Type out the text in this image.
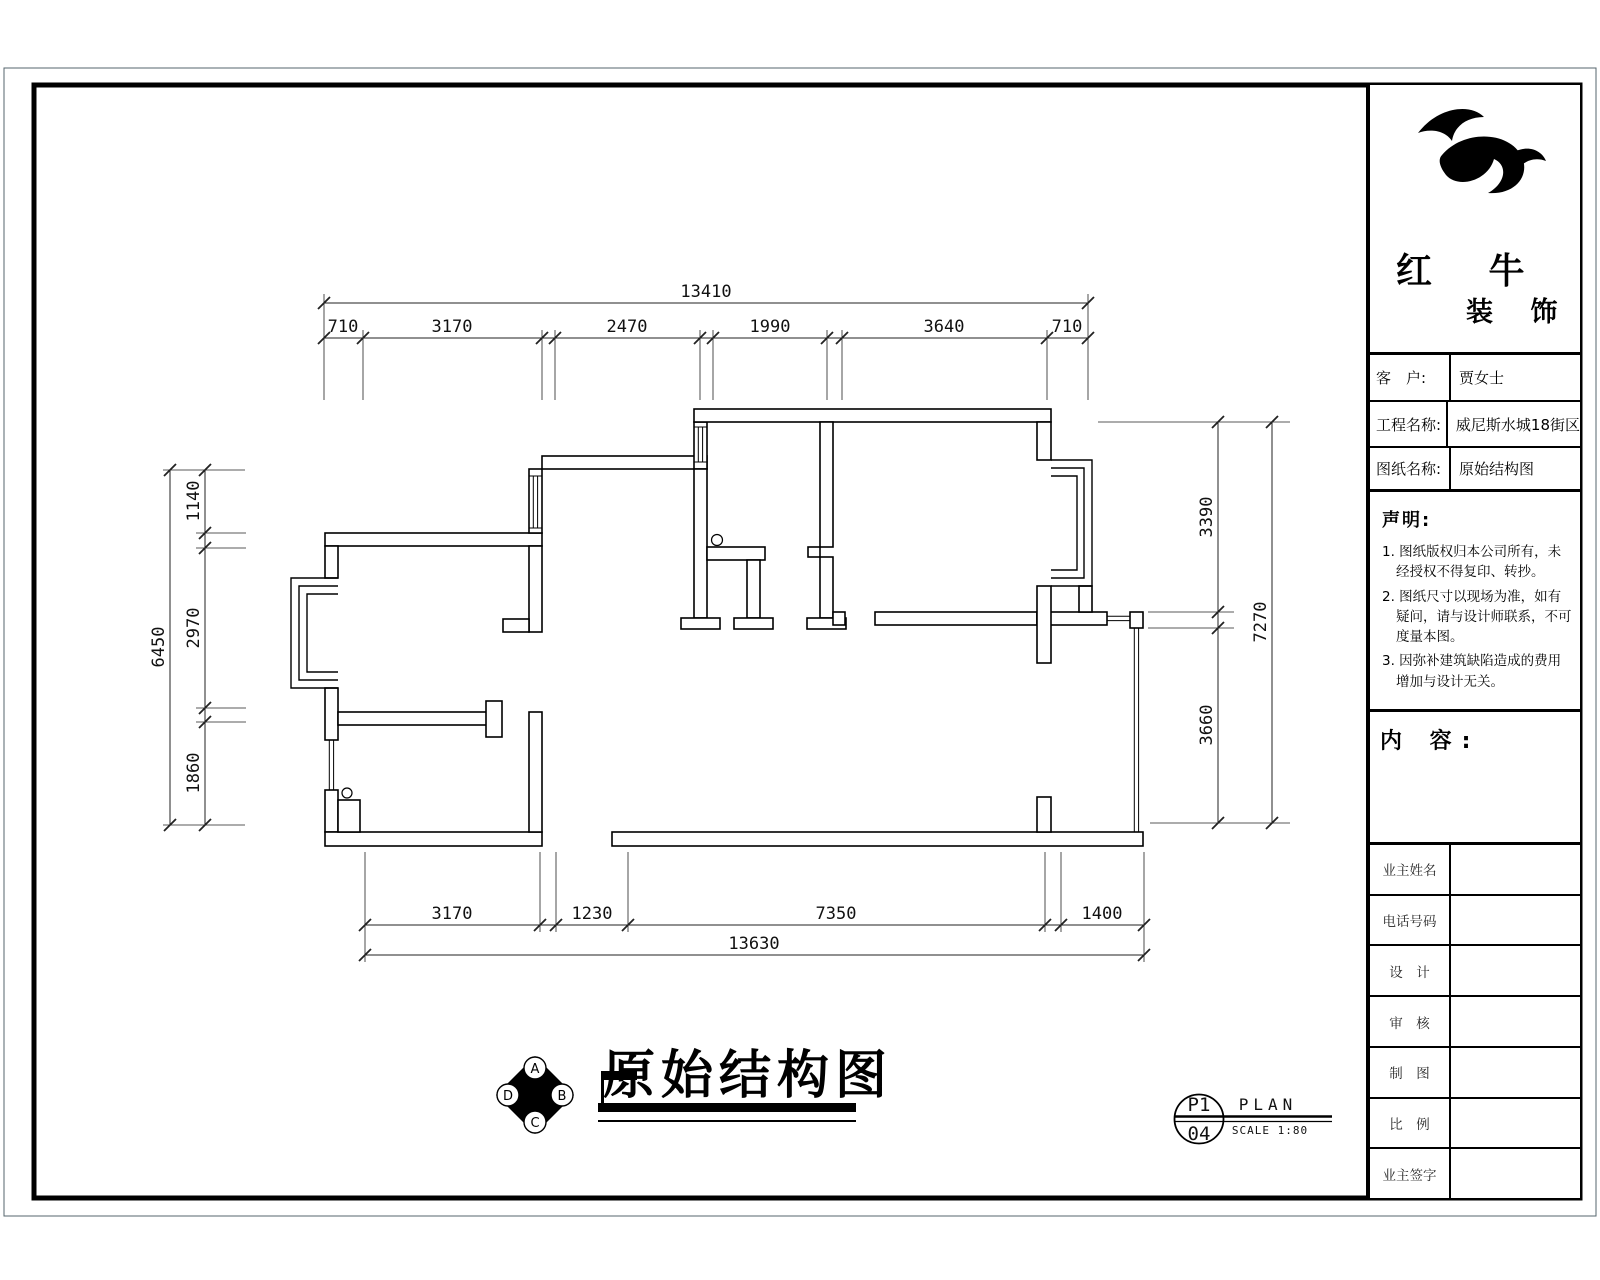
13410
710	3170	2470	1990	3640	710
3170	1230	7350	1400
13630
1140
2970
1860
6450
3390
3660
7270
A
B
C
D 原始结构图	P1
04
PLAN
SCALE 1:80
红 牛
装 饰
客　户:	贾女士
工程名称: 威尼斯水城18街区
图纸名称:	原始结构图
声明:
1. 图纸版权归本公司所有，未经授权不得复印、转抄。
2. 图纸尺寸以现场为准，如有疑问，请与设计师联系，不可度量本图。
3. 因弥补建筑缺陷造成的费用增加与设计无关。
内 容:
业主姓名
电话号码
设　计
审　核
制　图
比　例
业主签字
